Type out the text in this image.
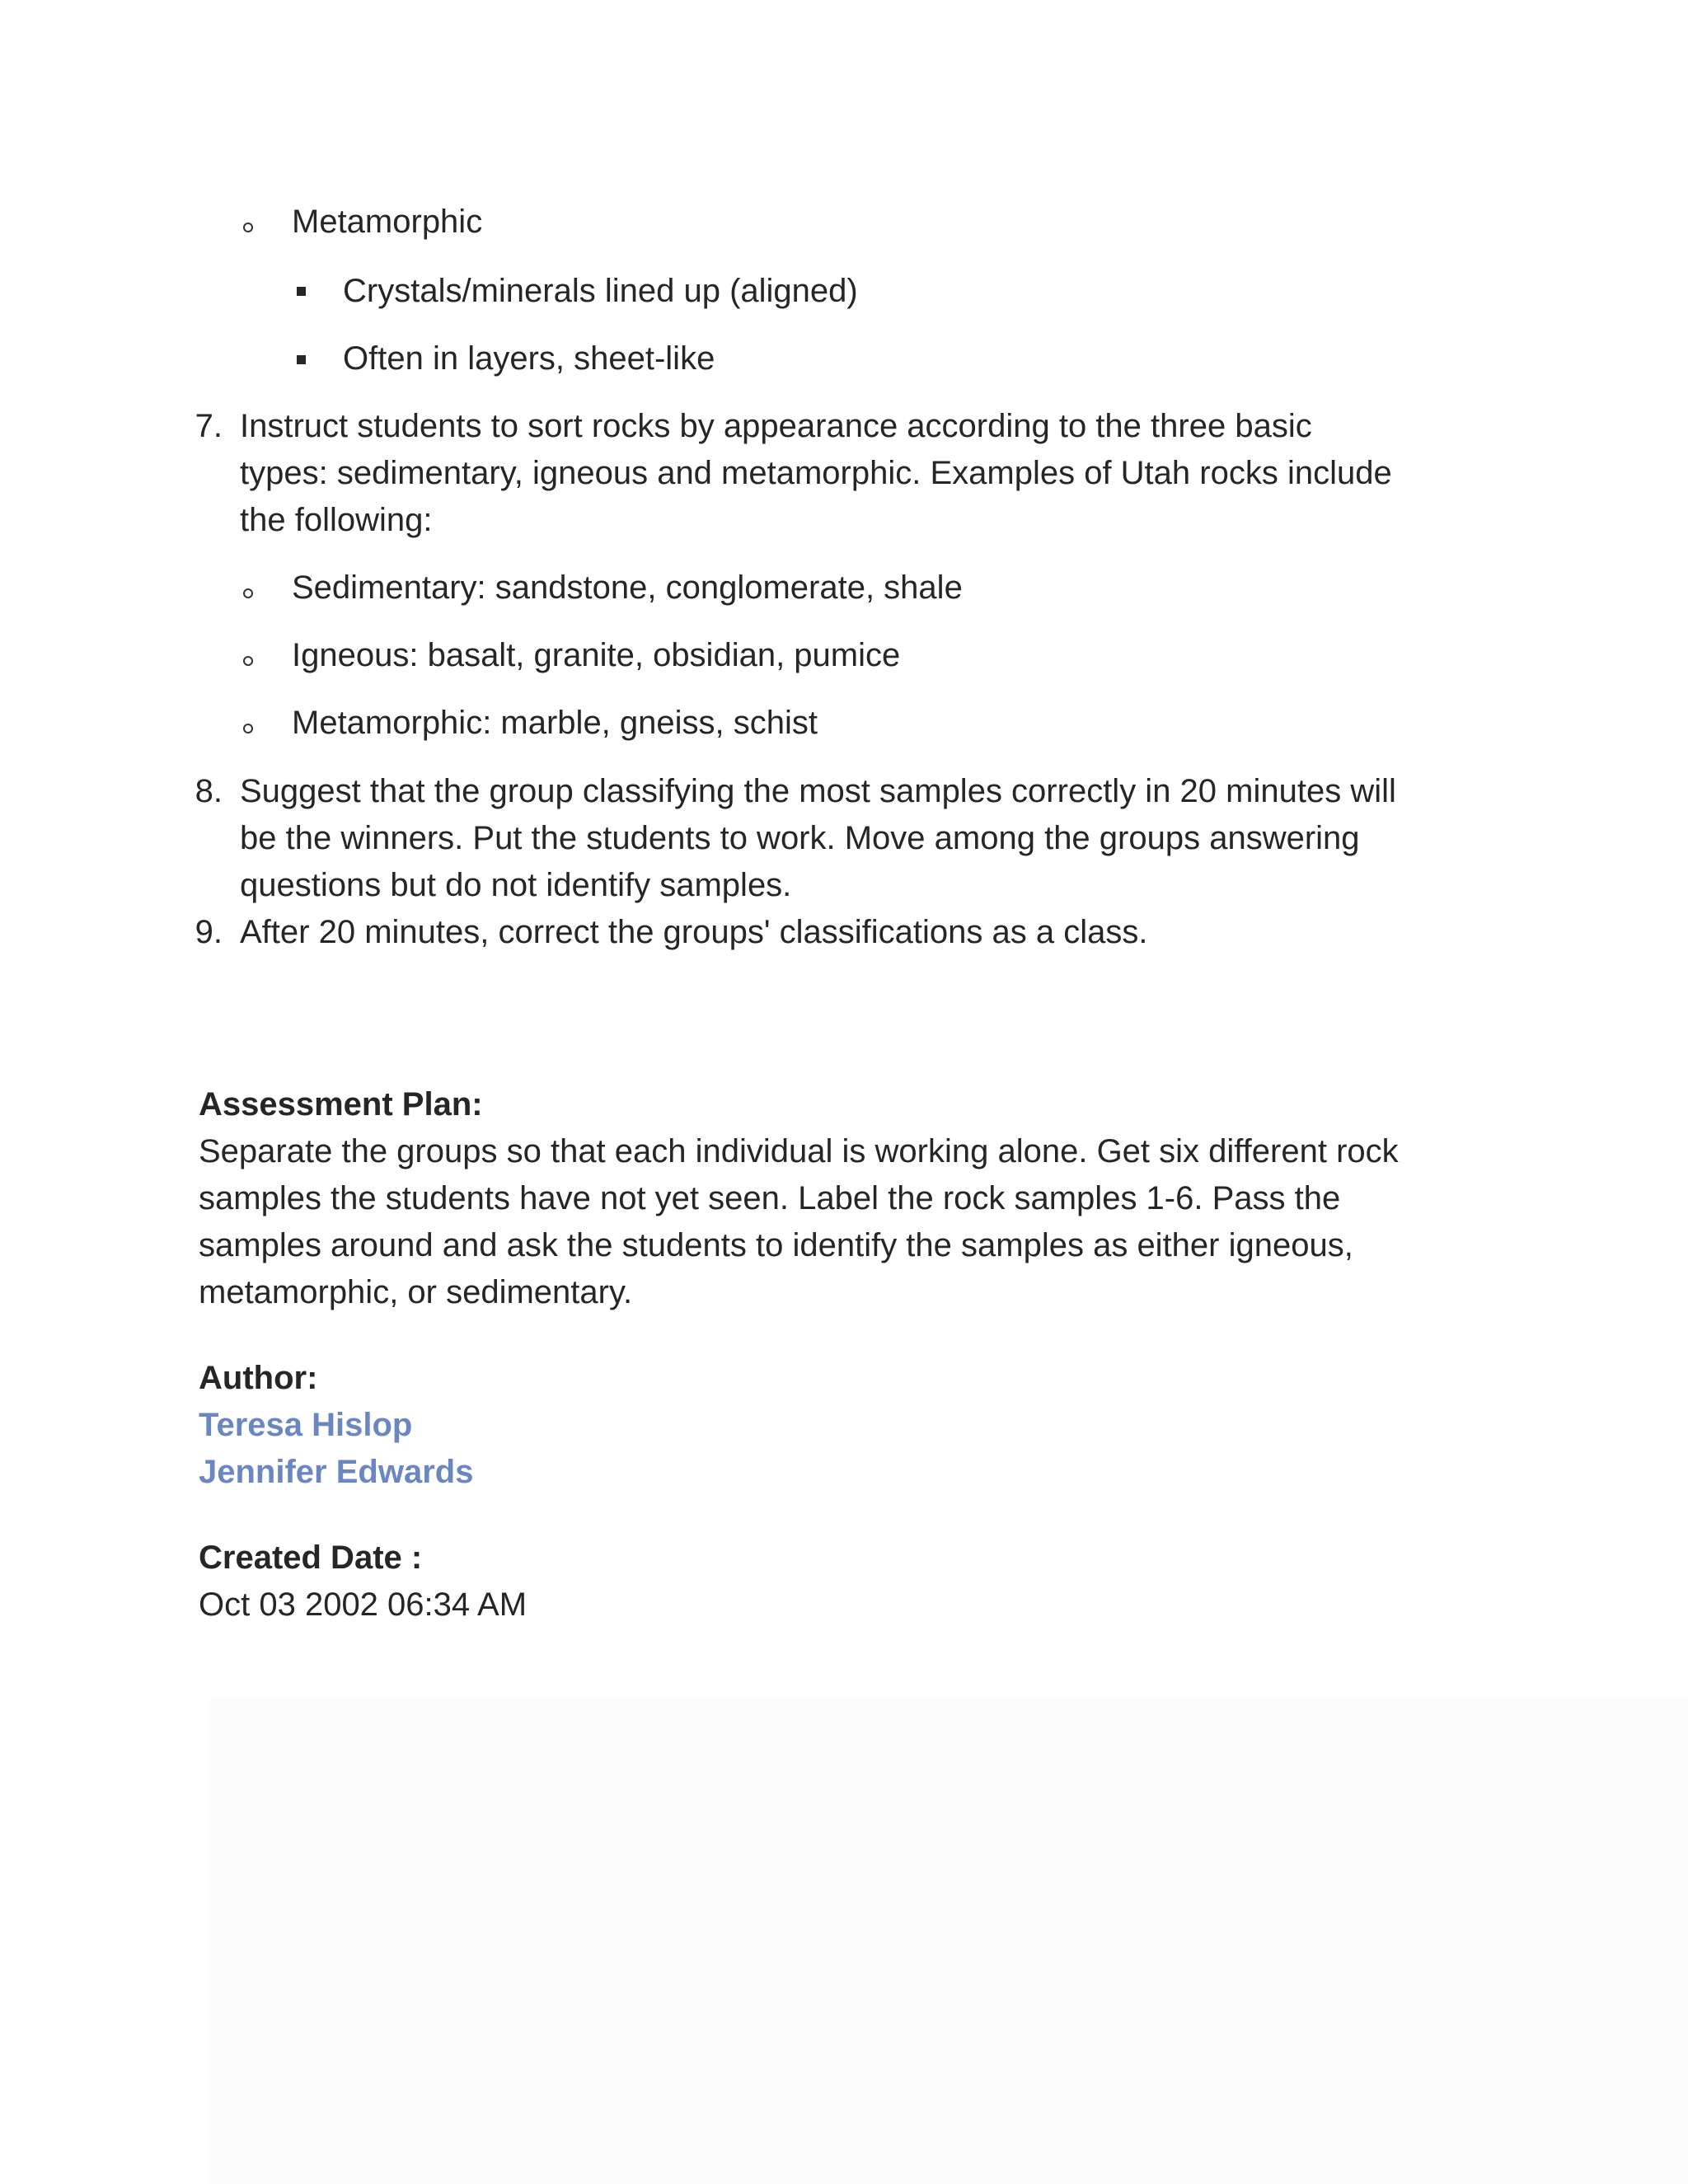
Metamorphic
Crystals/minerals lined up (aligned)
Often in layers, sheet-like
7. Instruct students to sort rocks by appearance according to the three basic
types: sedimentary, igneous and metamorphic. Examples of Utah rocks include
the following:
Sedimentary: sandstone, conglomerate, shale
Igneous: basalt, granite, obsidian, pumice
Metamorphic: marble, gneiss, schist
8. Suggest that the group classifying the most samples correctly in 20 minutes will
be the winners. Put the students to work. Move among the groups answering
questions but do not identify samples.
9. After 20 minutes, correct the groups' classifications as a class.
Assessment Plan:
Separate the groups so that each individual is working alone. Get six different rock
samples the students have not yet seen. Label the rock samples 1-6. Pass the
samples around and ask the students to identify the samples as either igneous,
metamorphic, or sedimentary.
Author:
Teresa Hislop
Jennifer Edwards
Created Date :
Oct 03 2002 06:34 AM
